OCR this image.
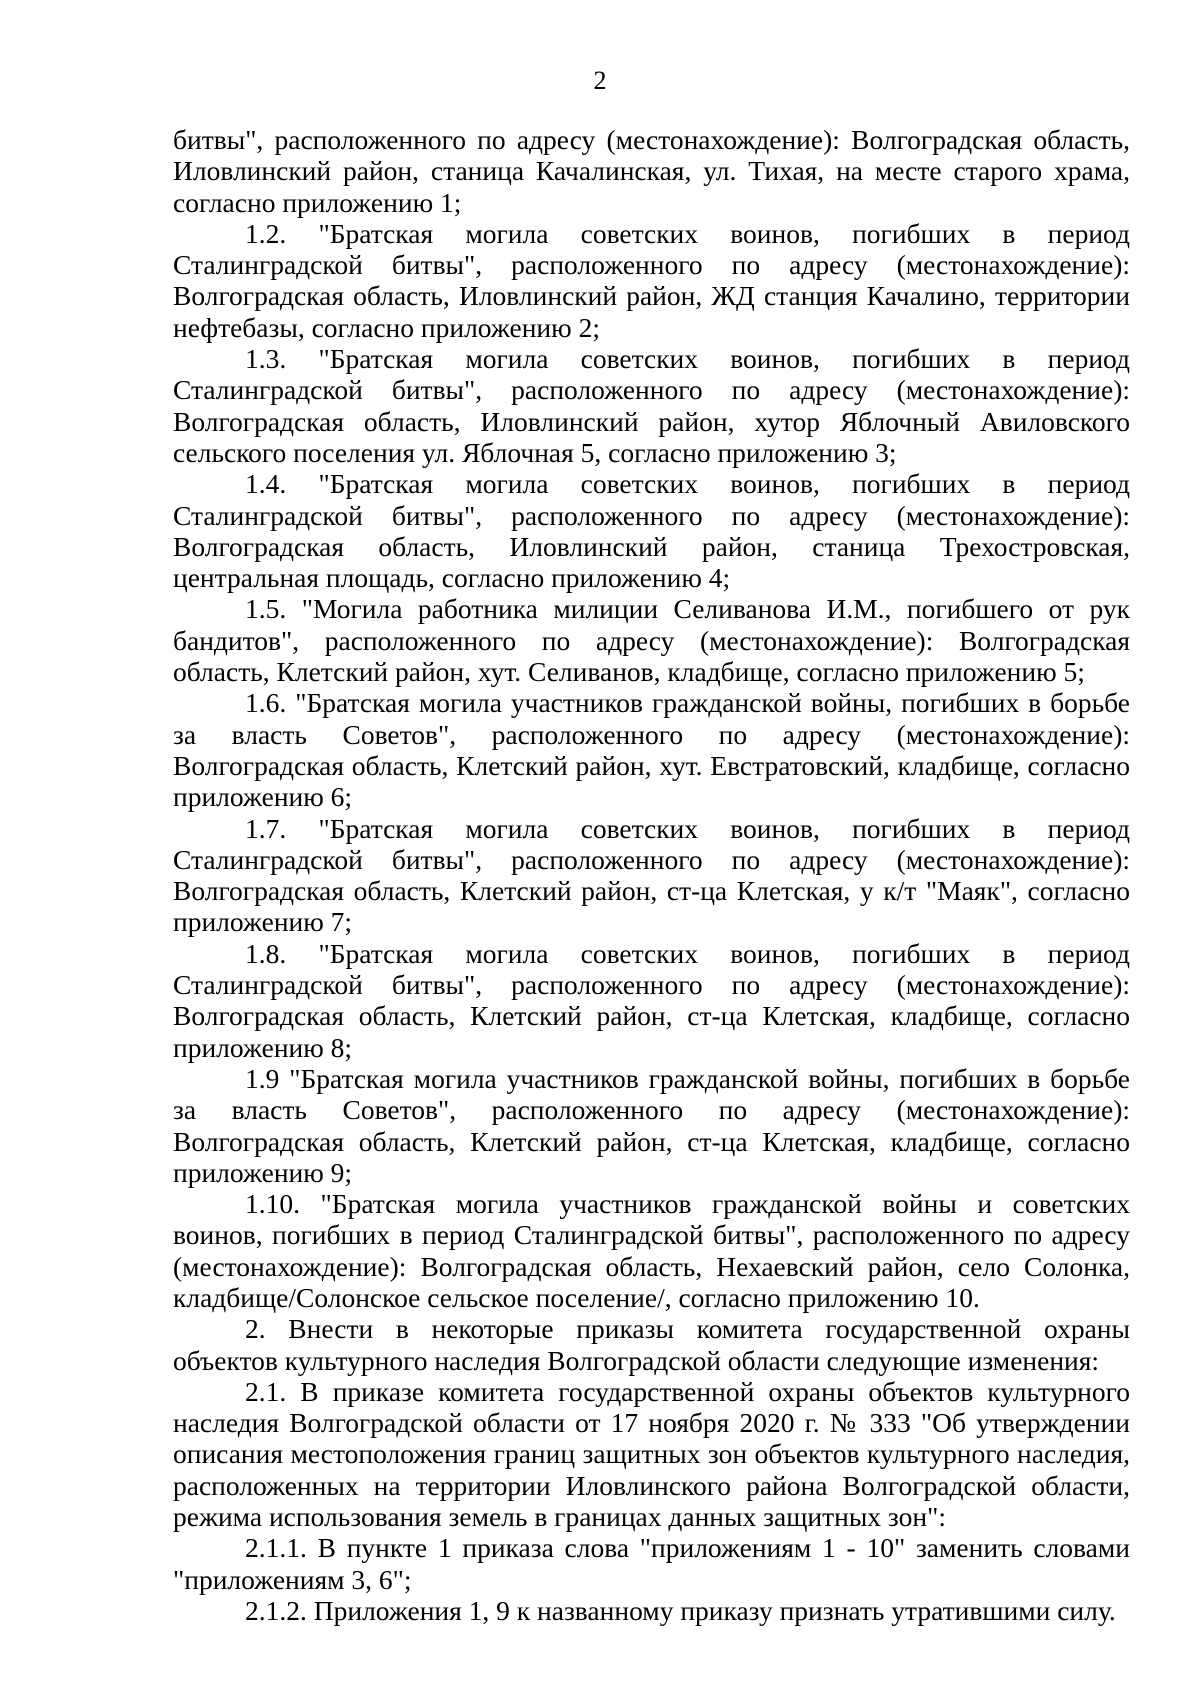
2

битвы", расположенного по адресу (местонахождение): Волгоградская область, Иловлинский район, станица Качалинская, ул. Тихая, на месте старого храма, согласно приложению 1;

1.2. "Братская могила советских воинов, погибших в период Сталинградской битвы", расположенного по адресу (местонахождение): Волгоградская область, Иловлинский район, ЖД станция Качалино, территории нефтебазы, согласно приложению 2;

1.3. "Братская могила советских воинов, погибших в период Сталинградской битвы", расположенного по адресу (местонахождение): Волгоградская область, Иловлинский район, хутор Яблочный Авиловского сельского поселения ул. Яблочная 5, согласно приложению 3;

1.4. "Братская могила советских воинов, погибших в период Сталинградской битвы", расположенного по адресу (местонахождение): Волгоградская область, Иловлинский район, станица Трехостровская, центральная площадь, согласно приложению 4;

1.5. "Могила работника милиции Селиванова И.М., погибшего от рук бандитов", расположенного по адресу (местонахождение): Волгоградская область, Клетский район, хут. Селиванов, кладбище, согласно приложению 5;

1.6. "Братская могила участников гражданской войны, погибших в борьбе за власть Советов", расположенного по адресу (местонахождение): Волгоградская область, Клетский район, хут. Евстратовский, кладбище, согласно приложению 6;

1.7. "Братская могила советских воинов, погибших в период Сталинградской битвы", расположенного по адресу (местонахождение): Волгоградская область, Клетский район, ст-ца Клетская, у к/т "Маяк", согласно приложению 7;

1.8. "Братская могила советских воинов, погибших в период Сталинградской битвы", расположенного по адресу (местонахождение): Волгоградская область, Клетский район, ст-ца Клетская, кладбище, согласно приложению 8;

1.9 "Братская могила участников гражданской войны, погибших в борьбе за власть Советов", расположенного по адресу (местонахождение): Волгоградская область, Клетский район, ст-ца Клетская, кладбище, согласно приложению 9;

1.10. "Братская могила участников гражданской войны и советских воинов, погибших в период Сталинградской битвы", расположенного по адресу (местонахождение): Волгоградская область, Нехаевский район, село Солонка, кладбище/Солонское сельское поселение/, согласно приложению 10.

2. Внести в некоторые приказы комитета государственной охраны объектов культурного наследия Волгоградской области следующие изменения:

2.1. В приказе комитета государственной охраны объектов культурного наследия Волгоградской области от 17 ноября 2020 г. № 333 "Об утверждении описания местоположения границ защитных зон объектов культурного наследия, расположенных на территории Иловлинского района Волгоградской области, режима использования земель в границах данных защитных зон":

2.1.1. В пункте 1 приказа слова "приложениям 1 - 10" заменить словами "приложениям 3, 6";

2.1.2. Приложения 1, 9 к названному приказу признать утратившими силу.
